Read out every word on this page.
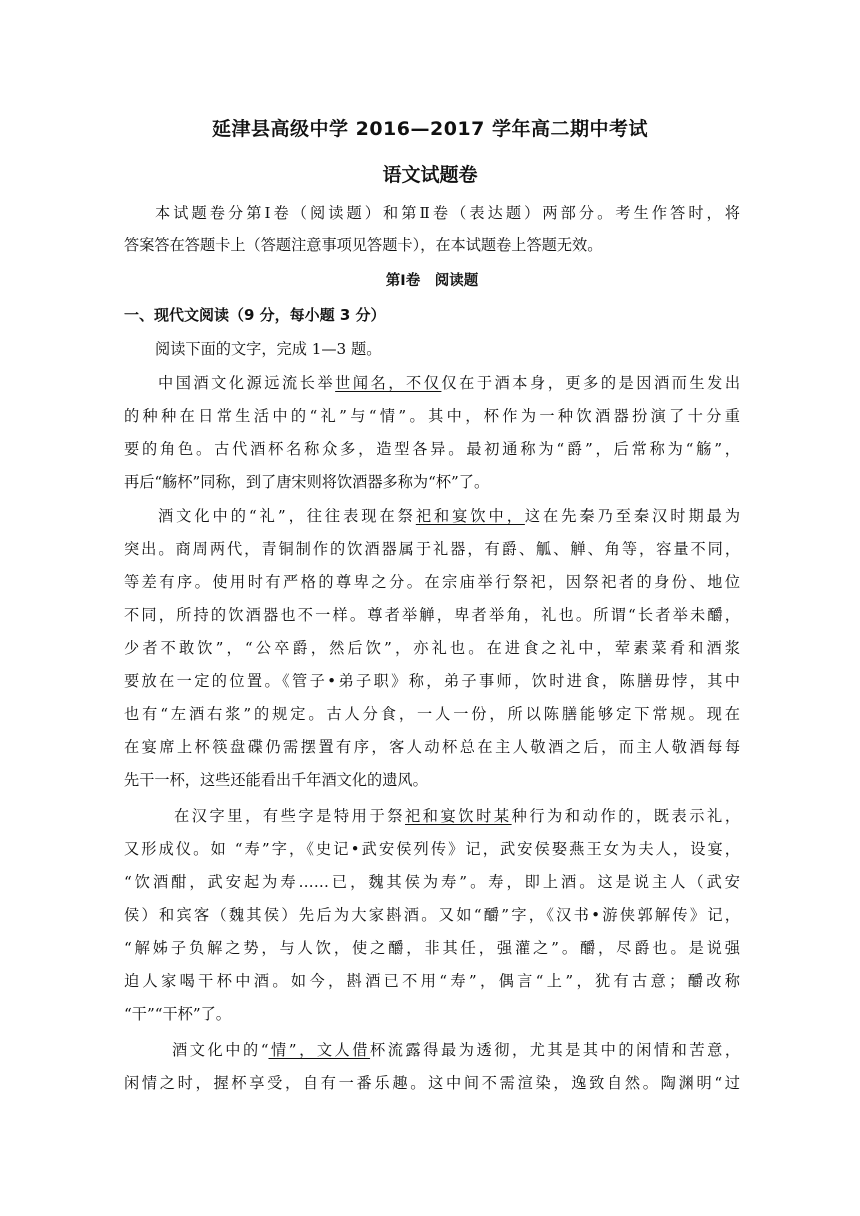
延津县高级中学 2016—2017 学年高二期中考试
语文试题卷
本试题卷分第Ⅰ卷（阅读题）和第Ⅱ卷（表达题）两部分。考生作答时，将
答案答在答题卡上（答题注意事项见答题卡），在本试题卷上答题无效。
第Ⅰ卷　阅读题
一、现代文阅读（9 分，每小题 3 分）
阅读下面的文字，完成 1—3 题。
中国酒文化源远流长举世闻名，不仅仅在于酒本身，更多的是因酒而生发出
的种种在日常生活中的“礼”与“情”。其中，杯作为一种饮酒器扮演了十分重
要的角色。古代酒杯名称众多，造型各异。最初通称为“爵”，后常称为“觞”，
再后“觞杯”同称，到了唐宋则将饮酒器多称为“杯”了。
酒文化中的“礼”，往往表现在祭祀和宴饮中，这在先秦乃至秦汉时期最为
突出。商周两代，青铜制作的饮酒器属于礼器，有爵、觚、觯、角等，容量不同，
等差有序。使用时有严格的尊卑之分。在宗庙举行祭祀，因祭祀者的身份、地位
不同，所持的饮酒器也不一样。尊者举觯，卑者举角，礼也。所谓“长者举未釂，
少者不敢饮”，“公卒爵，然后饮”，亦礼也。在进食之礼中，荤素菜肴和酒浆
要放在一定的位置。《管子•弟子职》称，弟子事师，饮时进食，陈膳毋悖，其中
也有“左酒右浆”的规定。古人分食，一人一份，所以陈膳能够定下常规。现在
在宴席上杯筷盘碟仍需摆置有序，客人动杯总在主人敬酒之后，而主人敬酒每每
先干一杯，这些还能看出千年酒文化的遗风。
在汉字里，有些字是特用于祭祀和宴饮时某种行为和动作的，既表示礼，
又形成仪。如 “寿”字，《史记•武安侯列传》记，武安侯娶燕王女为夫人，设宴，
“饮酒酣，武安起为寿……已，魏其侯为寿”。寿，即上酒。这是说主人（武安
侯）和宾客（魏其侯）先后为大家斟酒。又如“釂”字，《汉书•游侠郭解传》记，
“解姊子负解之势，与人饮，使之釂，非其任，强灌之”。釂，尽爵也。是说强
迫人家喝干杯中酒。如今，斟酒已不用“寿”，偶言“上”，犹有古意；釂改称
“干”“干杯”了。
酒文化中的“情”，文人借杯流露得最为透彻，尤其是其中的闲情和苦意，
闲情之时，握杯享受，自有一番乐趣。这中间不需渲染，逸致自然。陶渊明“过
